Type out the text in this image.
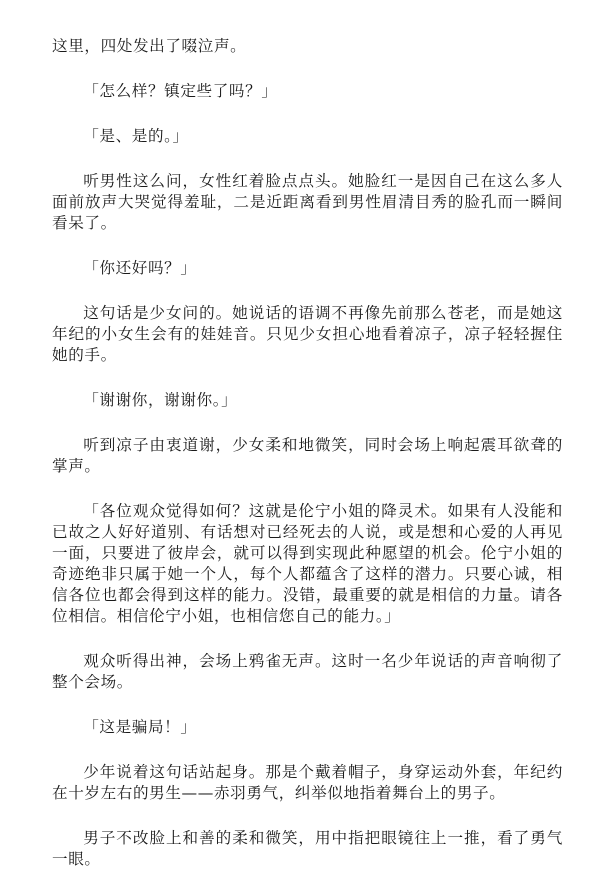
这里，四处发出了啜泣声。

「怎么样？镇定些了吗？」

「是、是的。」

听男性这么问，女性红着脸点点头。她脸红一是因自己在这么多人面前放声大哭觉得羞耻，二是近距离看到男性眉清目秀的脸孔而一瞬间看呆了。

「你还好吗？」

这句话是少女问的。她说话的语调不再像先前那么苍老，而是她这年纪的小女生会有的娃娃音。只见少女担心地看着凉子，凉子轻轻握住她的手。

「谢谢你，谢谢你。」

听到凉子由衷道谢，少女柔和地微笑，同时会场上响起震耳欲聋的掌声。

「各位观众觉得如何？这就是伦宁小姐的降灵术。如果有人没能和已故之人好好道别、有话想对已经死去的人说，或是想和心爱的人再见一面，只要进了彼岸会，就可以得到实现此种愿望的机会。伦宁小姐的奇迹绝非只属于她一个人，每个人都蕴含了这样的潜力。只要心诚，相信各位也都会得到这样的能力。没错，最重要的就是相信的力量。请各位相信。相信伦宁小姐，也相信您自己的能力。」

观众听得出神，会场上鸦雀无声。这时一名少年说话的声音响彻了整个会场。

「这是骗局！」

少年说着这句话站起身。那是个戴着帽子，身穿运动外套，年纪约在十岁左右的男生——赤羽勇气，纠举似地指着舞台上的男子。

男子不改脸上和善的柔和微笑，用中指把眼镜往上一推，看了勇气一眼。
